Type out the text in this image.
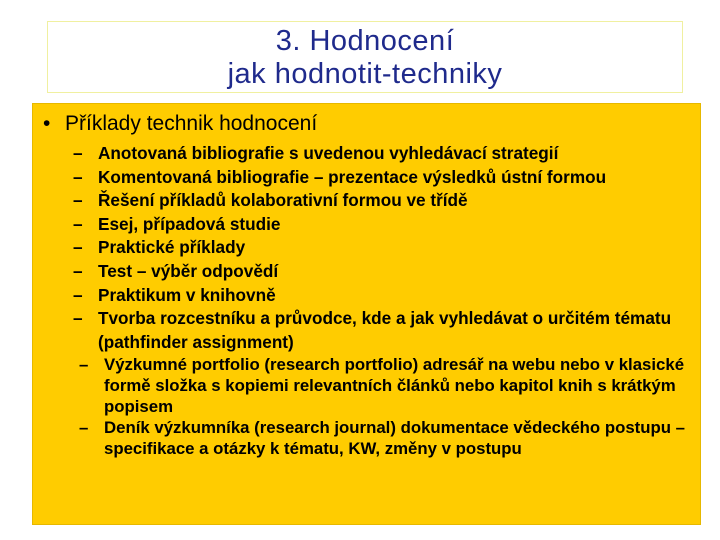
3. Hodnocení
jak hodnotit-techniky
• Příklady technik hodnocení
– Anotovaná bibliografie s uvedenou vyhledávací strategií
– Komentovaná bibliografie – prezentace výsledků ústní formou
– Řešení příkladů kolaborativní formou ve třídě
– Esej, případová studie
– Praktické příklady
– Test – výběr odpovědí
– Praktikum v knihovně
– Tvorba rozcestníku a průvodce, kde a jak vyhledávat o určitém tématu (pathfinder assignment)
– Výzkumné portfolio (research portfolio) adresář na webu nebo v klasické formě složka s kopiemi relevantních článků nebo kapitol knih s krátkým popisem
– Deník výzkumníka (research journal) dokumentace vědeckého postupu – specifikace a otázky k tématu, KW, změny v postupu
